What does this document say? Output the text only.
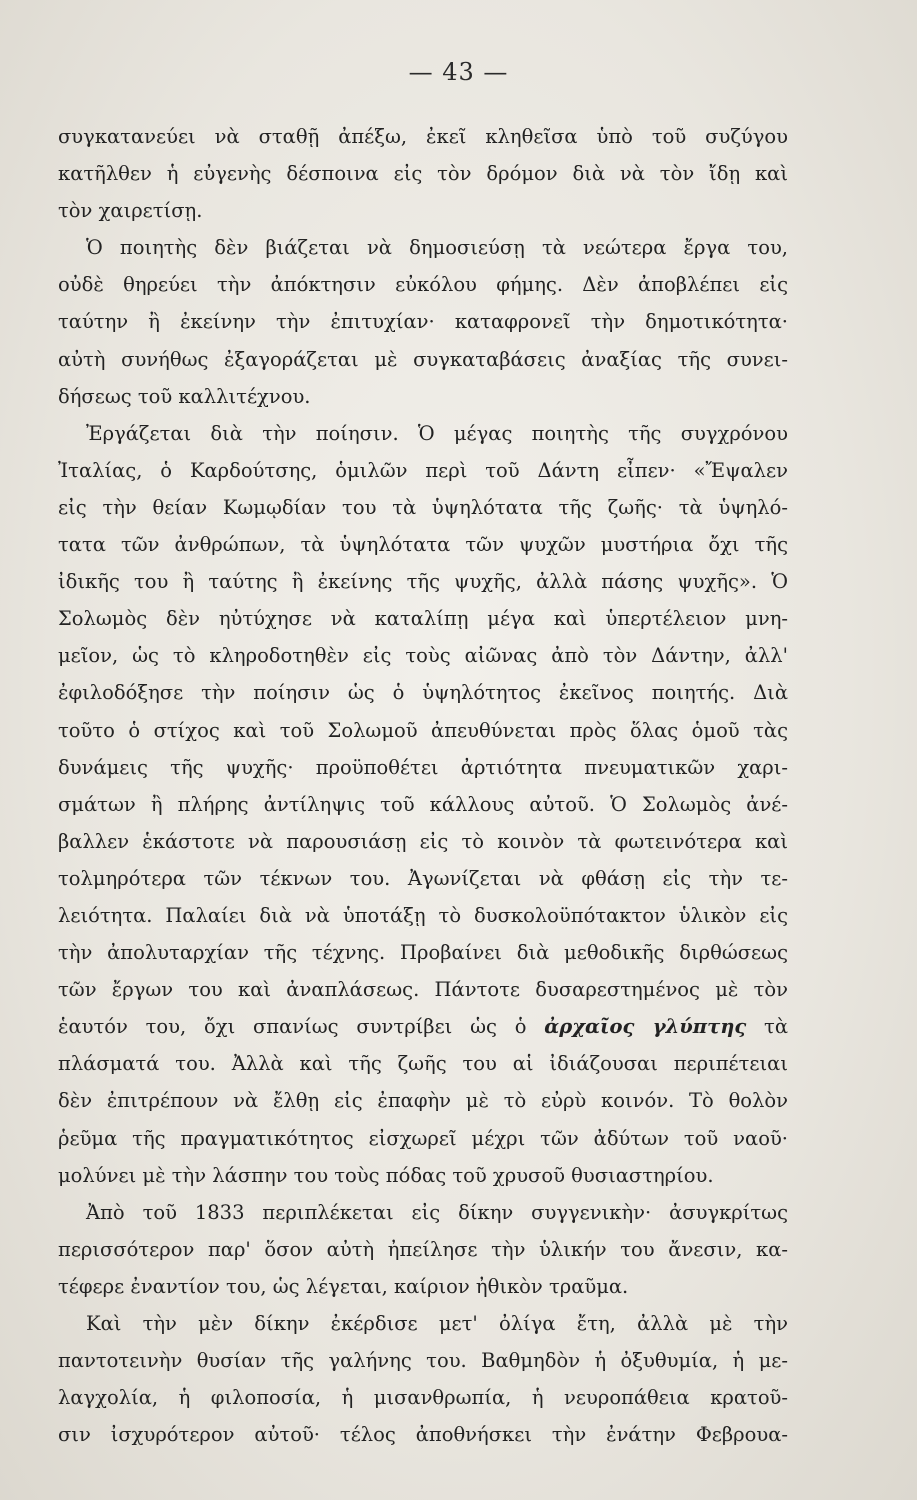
— 43 —
συγκατανεύει νὰ σταθῇ ἀπέξω, ἐκεῖ κληθεῖσα ὑπὸ τοῦ συζύγου
κατῆλθεν ἡ εὐγενὴς δέσποινα εἰς τὸν δρόμον διὰ νὰ τὸν ἴδῃ καὶ
τὸν χαιρετίσῃ.
Ὁ ποιητὴς δὲν βιάζεται νὰ δημοσιεύσῃ τὰ νεώτερα ἔργα του,
οὐδὲ θηρεύει τὴν ἀπόκτησιν εὐκόλου φήμης. Δὲν ἀποβλέπει εἰς
ταύτην ἢ ἐκείνην τὴν ἐπιτυχίαν· καταφρονεῖ τὴν δημοτικότητα·
αὐτὴ συνήθως ἐξαγοράζεται μὲ συγκαταβάσεις ἀναξίας τῆς συνει-
δήσεως τοῦ καλλιτέχνου.
Ἐργάζεται διὰ τὴν ποίησιν. Ὁ μέγας ποιητὴς τῆς συγχρόνου
Ἰταλίας, ὁ Καρδούτσης, ὁμιλῶν περὶ τοῦ Δάντη εἶπεν· «Ἔψαλεν
εἰς τὴν θείαν Κωμῳδίαν του τὰ ὑψηλότατα τῆς ζωῆς· τὰ ὑψηλό-
τατα τῶν ἀνθρώπων, τὰ ὑψηλότατα τῶν ψυχῶν μυστήρια ὄχι τῆς
ἰδικῆς του ἢ ταύτης ἢ ἐκείνης τῆς ψυχῆς, ἀλλὰ πάσης ψυχῆς». Ὁ
Σολωμὸς δὲν ηὐτύχησε νὰ καταλίπῃ μέγα καὶ ὑπερτέλειον μνη-
μεῖον, ὡς τὸ κληροδοτηθὲν εἰς τοὺς αἰῶνας ἀπὸ τὸν Δάντην, ἀλλ'
ἐφιλοδόξησε τὴν ποίησιν ὡς ὁ ὑψηλότητος ἐκεῖνος ποιητής. Διὰ
τοῦτο ὁ στίχος καὶ τοῦ Σολωμοῦ ἀπευθύνεται πρὸς ὅλας ὁμοῦ τὰς
δυνάμεις τῆς ψυχῆς· προϋποθέτει ἀρτιότητα πνευματικῶν χαρι-
σμάτων ἢ πλήρης ἀντίληψις τοῦ κάλλους αὐτοῦ. Ὁ Σολωμὸς ἀνέ-
βαλλεν ἑκάστοτε νὰ παρουσιάσῃ εἰς τὸ κοινὸν τὰ φωτεινότερα καὶ
τολμηρότερα τῶν τέκνων του. Ἀγωνίζεται νὰ φθάσῃ εἰς τὴν τε-
λειότητα. Παλαίει διὰ νὰ ὑποτάξῃ τὸ δυσκολοϋπότακτον ὑλικὸν εἰς
τὴν ἀπολυταρχίαν τῆς τέχνης. Προβαίνει διὰ μεθοδικῆς διρθώσεως
τῶν ἔργων του καὶ ἀναπλάσεως. Πάντοτε δυσαρεστημένος μὲ τὸν
ἑαυτόν του, ὄχι σπανίως συντρίβει ὡς ὁ ἀρχαῖος γλύπτης τὰ
πλάσματά του. Ἀλλὰ καὶ τῆς ζωῆς του αἱ ἰδιάζουσαι περιπέτειαι
δὲν ἐπιτρέπουν νὰ ἔλθῃ εἰς ἐπαφὴν μὲ τὸ εὐρὺ κοινόν. Τὸ θολὸν
ῥεῦμα τῆς πραγματικότητος εἰσχωρεῖ μέχρι τῶν ἀδύτων τοῦ ναοῦ·
μολύνει μὲ τὴν λάσπην του τοὺς πόδας τοῦ χρυσοῦ θυσιαστηρίου.
Ἀπὸ τοῦ 1833 περιπλέκεται εἰς δίκην συγγενικὴν· ἀσυγκρίτως
περισσότερον παρ' ὅσον αὐτὴ ἠπείλησε τὴν ὑλικήν του ἄνεσιν, κα-
τέφερε ἐναντίον του, ὡς λέγεται, καίριον ἠθικὸν τραῦμα.
Καὶ τὴν μὲν δίκην ἐκέρδισε μετ' ὀλίγα ἔτη, ἀλλὰ μὲ τὴν
παντοτεινὴν θυσίαν τῆς γαλήνης του. Βαθμηδὸν ἡ ὀξυθυμία, ἡ με-
λαγχολία, ἡ φιλοποσία, ἡ μισανθρωπία, ἡ νευροπάθεια κρατοῦ-
σιν ἰσχυρότερον αὐτοῦ· τέλος ἀποθνήσκει τὴν ἐνάτην Φεβρουα-
